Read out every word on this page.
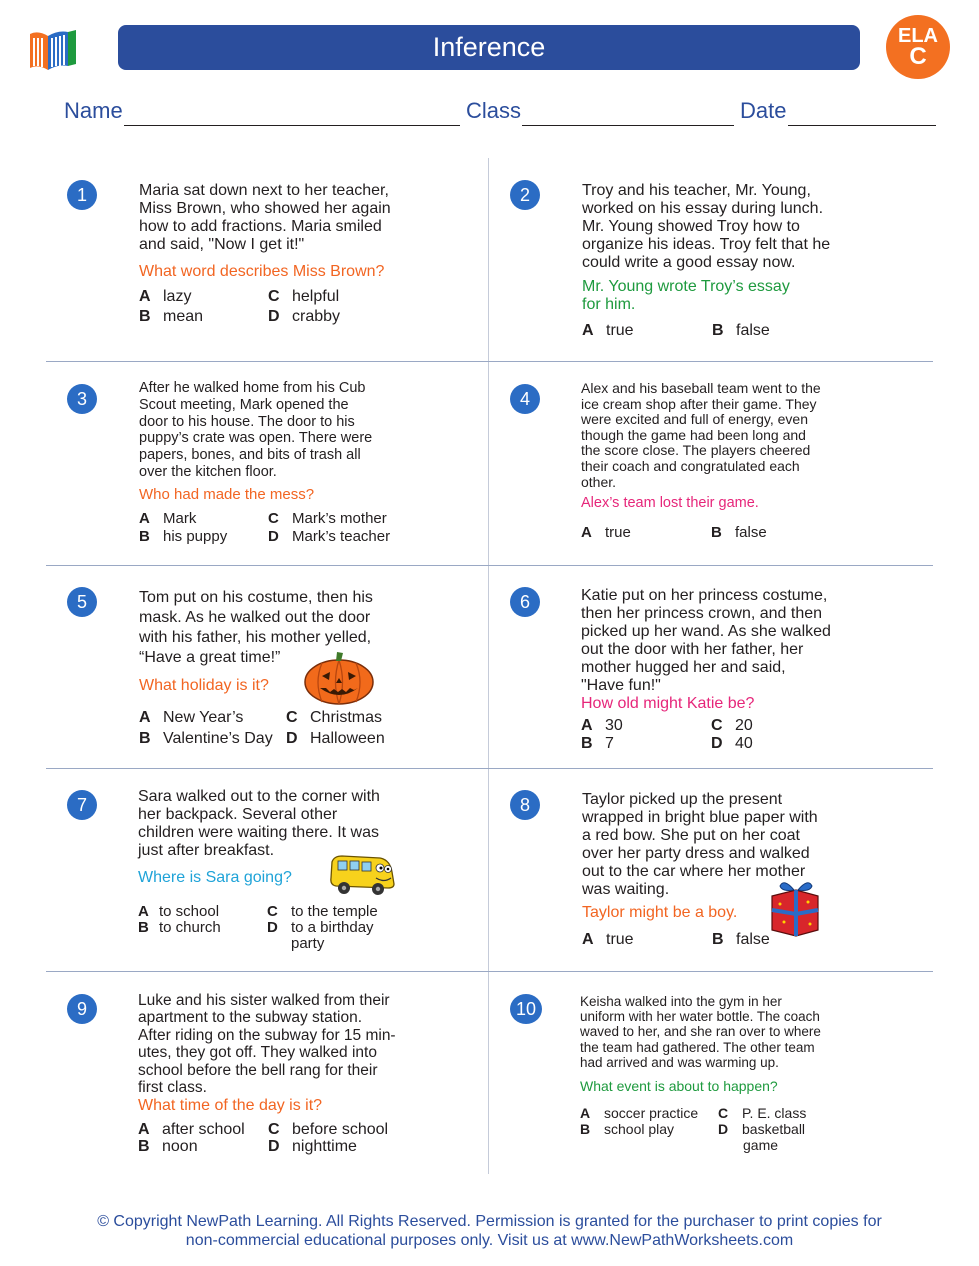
Inference	ELA
C
Name	Class	Date
1	Maria sat down next to her teacher,
Miss Brown, who showed her again
how to add fractions. Maria smiled
and said, "Now I get it!"
What word describes Miss Brown?
A lazy	C helpful
B mean	D crabby
2	Troy and his teacher, Mr. Young,
worked on his essay during lunch.
Mr. Young showed Troy how to
organize his ideas. Troy felt that he
could write a good essay now.
Mr. Young wrote Troy’s essay
for him.
A true	B false
3
After he walked home from his Cub
Scout meeting, Mark opened the
door to his house. The door to his
puppy’s crate was open. There were
papers, bones, and bits of trash all
over the kitchen floor.
Who had made the mess?
A Mark	C Mark’s mother
B his puppy	D Mark’s teacher
4
Alex and his baseball team went to the
ice cream shop after their game. They
were excited and full of energy, even
though the game had been long and
the score close. The players cheered
their coach and congratulated each
other.
Alex’s team lost their game.
A true	B false
5	Tom put on his costume, then his
mask. As he walked out the door
with his father, his mother yelled,
“Have a great time!”
What holiday is it?
A New Year’s	C Christmas
B Valentine’s Day D Halloween
6	Katie put on her princess costume,
then her princess crown, and then
picked up her wand. As she walked
out the door with her father, her
mother hugged her and said,
"Have fun!"
How old might Katie be?
A 30	C 20
B 7	D 40
7	Sara walked out to the corner with
her backpack. Several other
children were waiting there. It was
just after breakfast.
Where is Sara going?
A to school	C to the temple
B to church	D to a birthday
party
8	Taylor picked up the present
wrapped in bright blue paper with
a red bow. She put on her coat
over her party dress and walked
out to the car where her mother
was waiting.
Taylor might be a boy.
A true	B false
9	Luke and his sister walked from their
apartment to the subway station.
After riding on the subway for 15 min-
utes, they got off. They walked into
school before the bell rang for their
first class.
What time of the day is it?
A after school C before school
B noon	D nighttime
10	Keisha walked into the gym in her
uniform with her water bottle. The coach
waved to her, and she ran over to where
the team had gathered. The other team
had arrived and was warming up.
What event is about to happen?
A soccer practice C P. E. class
B school play	D basketball
game
© Copyright NewPath Learning. All Rights Reserved. Permission is granted for the purchaser to print copies for
non-commercial educational purposes only. Visit us at www.NewPathWorksheets.com
